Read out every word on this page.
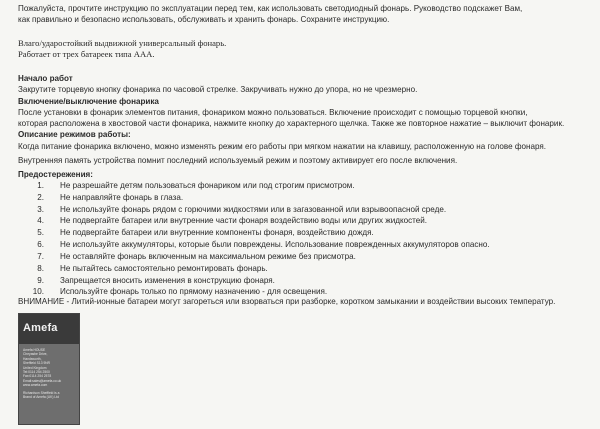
Пожалуйста, прочтите инструкцию по эксплуатации перед тем, как использовать светодиодный фонарь. Руководство подскажет Вам,
как правильно и безопасно использовать, обслуживать и хранить фонарь. Сохраните инструкцию.
Влаго/ударостойкий выдвижной универсальный фонарь.
Работает от трех батареек типа ААА.
Начало работ
Закрутите торцевую кнопку фонарика по часовой стрелке. Закручивать нужно до упора, но не чрезмерно.
Включение/выключение фонарика
После установки в фонарик элементов питания, фонариком можно пользоваться. Включение происходит с помощью торцевой кнопки,
которая расположена в хвостовой части фонарика, нажмите кнопку до характерного щелчка. Также же повторное нажатие – выключит фонарик.
Описание режимов работы:
Когда питание фонарика включено, можно изменять режим его работы при мягком нажатии на клавишу, расположенную на голове фонаря.
Внутренняя память устройства помнит последний используемый режим и поэтому активирует его после включения.
Предостережения:
1. Не разрешайте детям пользоваться фонариком или под строгим присмотром.
2. Не направляйте фонарь в глаза.
3. Не используйте фонарь рядом с горючими жидкостями или в загазованной или взрывоопасной среде.
4. Не подвергайте батареи или внутренние части фонаря воздействию воды или других жидкостей.
5. Не подвергайте батареи или внутренние компоненты фонаря, воздействию дождя.
6. Не используйте аккумуляторы, которые были повреждены. Использование поврежденных аккумуляторов опасно.
7. Не оставляйте фонарь включенным на максимальном режиме без присмотра.
8. Не пытайтесь самостоятельно ремонтировать фонарь.
9. Запрещается вносить изменения в конструкцию фонаря.
10. Используйте фонарь только по прямому назначению - для освещения.
ВНИМАНИЕ - Литий-ионные батареи могут загореться или взорваться при разборке, коротком замыкании и воздействии высоких температур.
Amefa
Amefa HOUSE
Cheyasbe Drive,
Handsworth,
Sheffield S13 9NR
United Kingdom
Tel:0114 254 2500
Fax:0114 254 2578
Email:sales@amefa.co.uk
www.amefa.com
Richardson Sheffield is a
Brand of Amefa (UK) Ltd
